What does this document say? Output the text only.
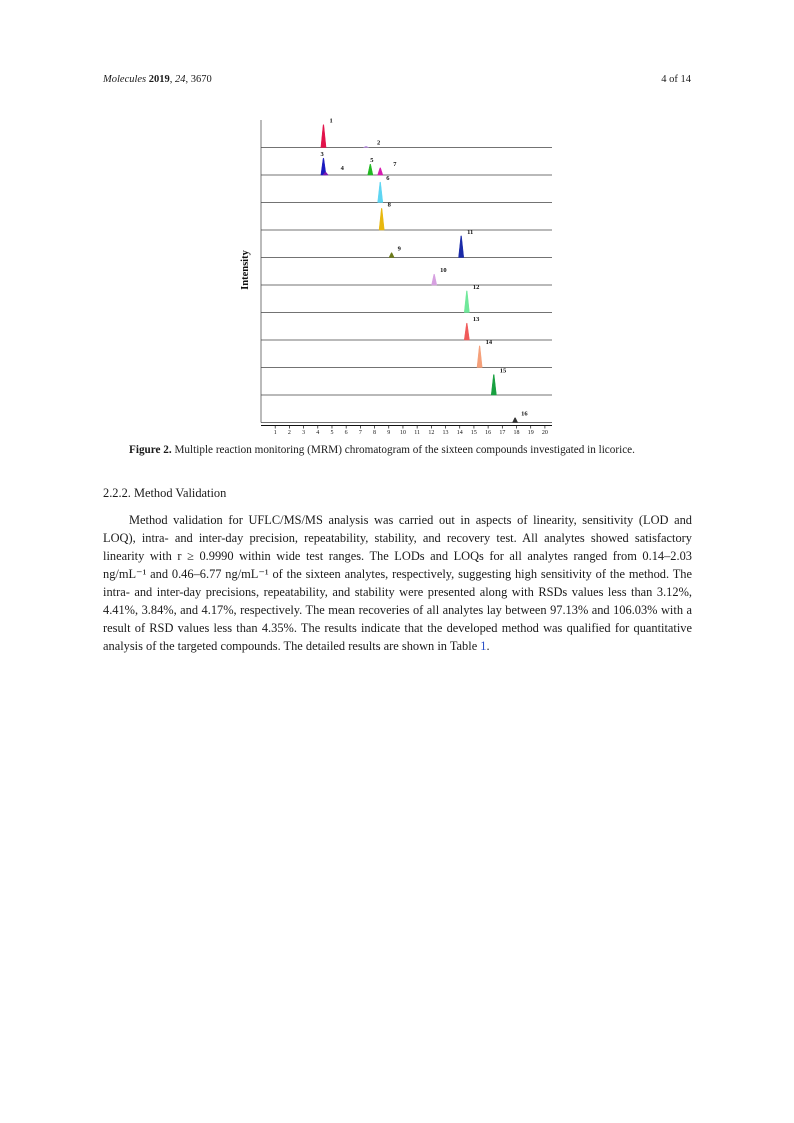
Molecules 2019, 24, 3670	4 of 14
Intensity
1
2
3
4
5
7
6
8
11
9
10
12
13
14
15
16
1 2 3 4 5 6 7 8 9 10 11 12 13 14 15 16 17 18 19 20
Figure 2. Multiple reaction monitoring (MRM) chromatogram of the sixteen compounds investigated in licorice.
2.2.2. Method Validation

Method validation for UFLC/MS/MS analysis was carried out in aspects of linearity, sensitivity (LOD and LOQ), intra- and inter-day precision, repeatability, stability, and recovery test. All analytes showed satisfactory linearity with r ≥ 0.9990 within wide test ranges. The LODs and LOQs for all analytes ranged from 0.14–2.03 ng/mL⁻¹ and 0.46–6.77 ng/mL⁻¹ of the sixteen analytes, respectively, suggesting high sensitivity of the method. The intra- and inter-day precisions, repeatability, and stability were presented along with RSDs values less than 3.12%, 4.41%, 3.84%, and 4.17%, respectively. The mean recoveries of all analytes lay between 97.13% and 106.03% with a result of RSD values less than 4.35%. The results indicate that the developed method was qualified for quantitative analysis of the targeted compounds. The detailed results are shown in Table 1.
